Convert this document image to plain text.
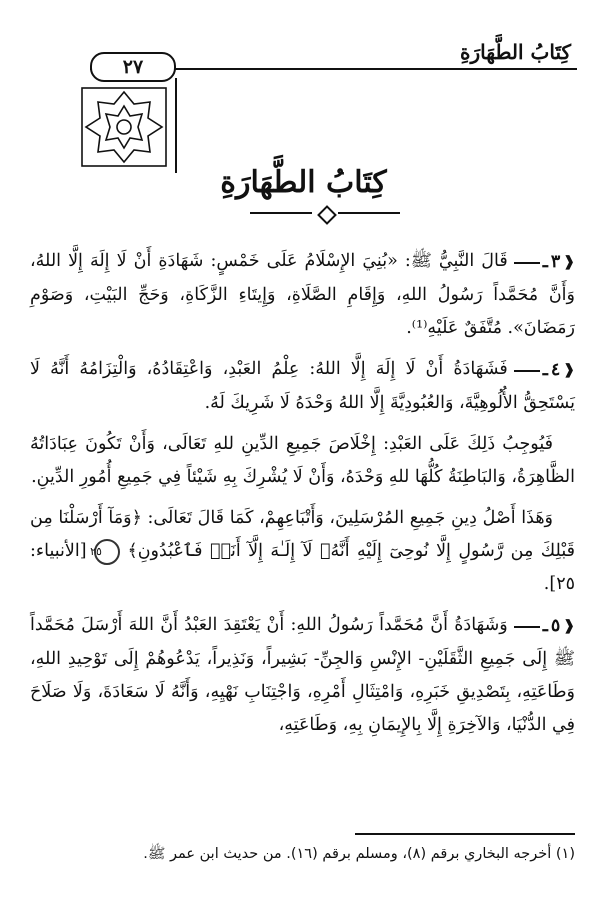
كِتَابُ الطَّهَارَةِ
٢٧
كِتَابُ الطَّهَارَةِ

❰
٣
ـ
قَالَ النَّبِيُّ ﷺ: «بُنِيَ الإِسْلَامُ عَلَى خَمْسٍ: شَهَادَةِ أَنْ لَا إِلَهَ إِلَّا اللهُ، وَأَنَّ مُحَمَّداً رَسُولُ اللهِ، وَإِقَامِ الصَّلَاةِ، وَإِيتَاءِ الزَّكَاةِ، وَحَجِّ البَيْتِ، وَصَوْمِ رَمَضَانَ». مُتَّفَقٌ عَلَيْهِ⁽¹⁾.

❰
٤
ـ
فَشَهَادَةُ أَنْ لَا إِلَهَ إِلَّا اللهُ: عِلْمُ العَبْدِ، وَاعْتِقَادُهُ، وَالْتِزَامُهُ أَنَّهُ لَا يَسْتَحِقُّ الأُلُوهِيَّةَ، وَالعُبُودِيَّةَ إِلَّا اللهُ وَحْدَهُ لَا شَرِيكَ لَهُ.

فَيُوجِبُ ذَلِكَ عَلَى العَبْدِ: إِخْلَاصَ جَمِيعِ الدِّينِ للهِ تَعَالَى، وَأَنْ تَكُونَ عِبَادَاتُهُ الظَّاهِرَةُ، وَالبَاطِنَةُ كُلُّهَا للهِ وَحْدَهُ، وَأَنْ لَا يُشْرِكَ بِهِ شَيْئاً فِي جَمِيعِ أُمُورِ الدِّينِ.

وَهَذَا أَصْلُ دِينِ جَمِيعِ المُرْسَلِينَ، وَأَتْبَاعِهِمْ، كَمَا قَالَ تَعَالَى: ﴿وَمَآ أَرْسَلْنَا مِن قَبْلِكَ مِن رَّسُولٍ إِلَّا نُوحِىٓ إِلَيْهِ أَنَّهُۥ لَآ إِلَـٰهَ إِلَّآ أَنَا۠ فَٱعْبُدُونِ﴾ ٢٥ [الأنبياء: ٢٥].

❰
٥
ـ
وَشَهَادَةُ أَنَّ مُحَمَّداً رَسُولُ اللهِ: أَنْ يَعْتَقِدَ العَبْدُ أَنَّ اللهَ أَرْسَلَ مُحَمَّداً ﷺ إِلَى جَمِيعِ الثَّقَلَيْنِ- الإِنْسِ وَالجِنِّ- بَشِيراً، وَنَذِيراً، يَدْعُوهُمْ إِلَى تَوْحِيدِ اللهِ، وَطَاعَتِهِ، بِتَصْدِيقِ خَبَرِهِ، وَامْتِثَالِ أَمْرِهِ، وَاجْتِنَابِ نَهْيِهِ، وَأَنَّهُ لَا سَعَادَةَ، وَلَا صَلَاحَ فِي الدُّنْيَا، وَالآخِرَةِ إِلَّا بِالإِيمَانِ بِهِ، وَطَاعَتِهِ،

(١) أخرجه البخاري برقم (٨)، ومسلم برقم (١٦). من حديث ابن عمر ﷺ.
